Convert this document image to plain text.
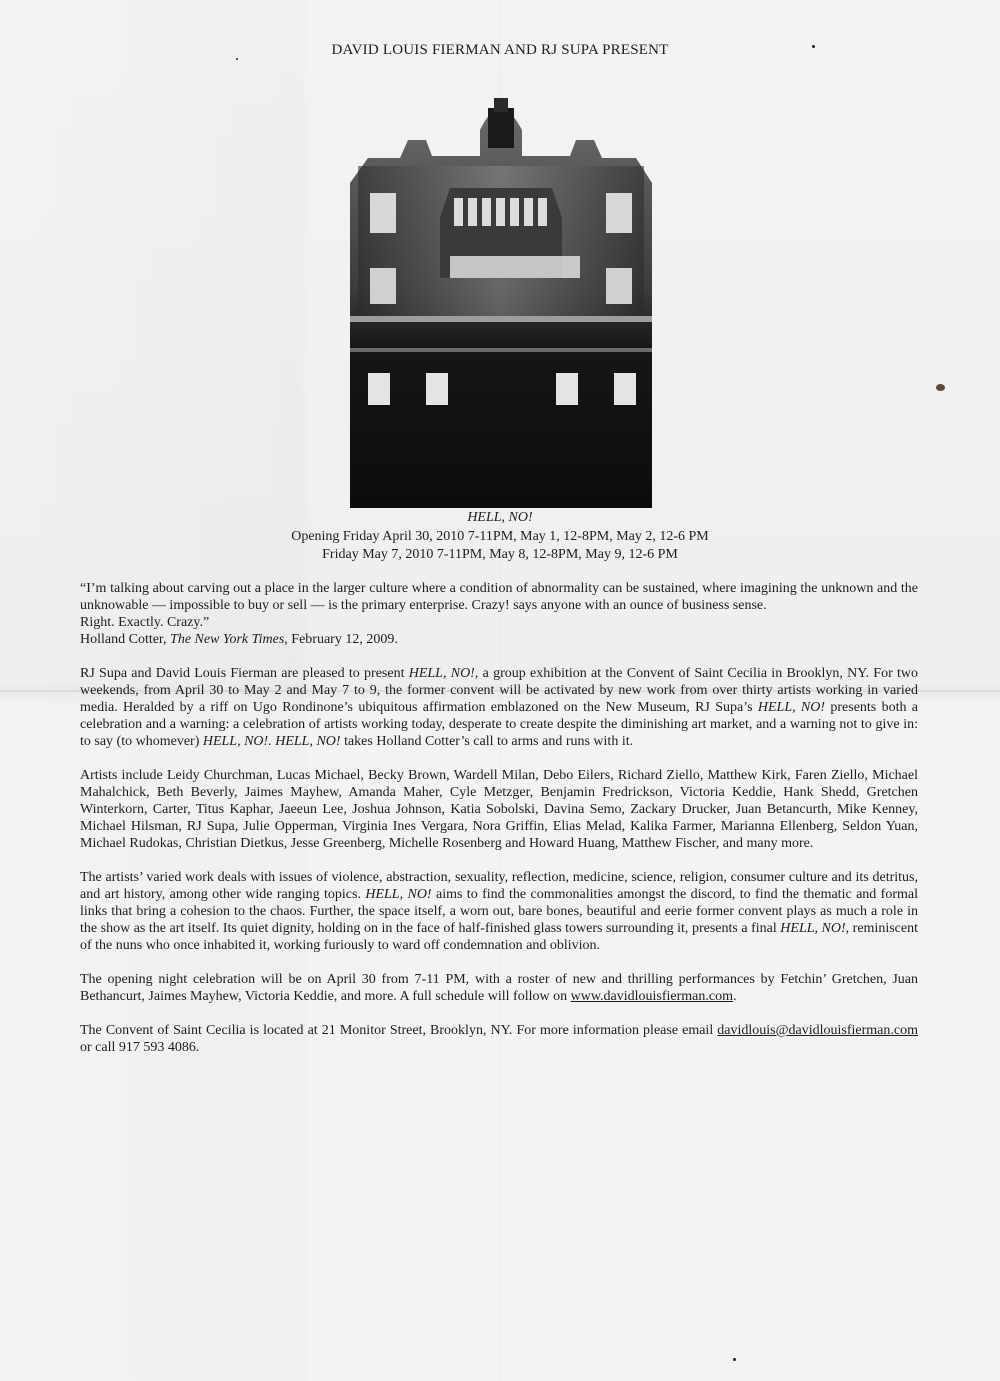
DAVID LOUIS FIERMAN AND RJ SUPA PRESENT
HELL, NO!
Opening Friday April 30, 2010 7-11PM, May 1, 12-8PM, May 2, 12-6 PM
Friday May 7, 2010 7-11PM, May 8, 12-8PM, May 9, 12-6 PM

“I’m talking about carving out a place in the larger culture where a condition of abnormality can be sustained, where imagining the unknown and the unknowable — impossible to buy or sell — is the primary enterprise. Crazy! says anyone with an ounce of business sense.

Right. Exactly. Crazy.”

Holland Cotter, The New York Times, February 12, 2009.

RJ Supa and David Louis Fierman are pleased to present HELL, NO!, a group exhibition at the Convent of Saint Cecilia in Brooklyn, NY. For two weekends, from April 30 to May 2 and May 7 to 9, the former convent will be activated by new work from over thirty artists working in varied media. Heralded by a riff on Ugo Rondinone’s ubiquitous affirmation emblazoned on the New Museum, RJ Supa’s HELL, NO! presents both a celebration and a warning: a celebration of artists working today, desperate to create despite the diminishing art market, and a warning not to give in: to say (to whomever) HELL, NO!. HELL, NO! takes Holland Cotter’s call to arms and runs with it.

Artists include Leidy Churchman, Lucas Michael, Becky Brown, Wardell Milan, Debo Eilers, Richard Ziello, Matthew Kirk, Faren Ziello, Michael Mahalchick, Beth Beverly, Jaimes Mayhew, Amanda Maher, Cyle Metzger, Benjamin Fredrickson, Victoria Keddie, Hank Shedd, Gretchen Winterkorn, Carter, Titus Kaphar, Jaeeun Lee, Joshua Johnson, Katia Sobolski, Davina Semo, Zackary Drucker, Juan Betancurth, Mike Kenney, Michael Hilsman, RJ Supa, Julie Opperman, Virginia Ines Vergara, Nora Griffin, Elias Melad, Kalika Farmer, Marianna Ellenberg, Seldon Yuan, Michael Rudokas, Christian Dietkus, Jesse Greenberg, Michelle Rosenberg and Howard Huang, Matthew Fischer, and many more.

The artists’ varied work deals with issues of violence, abstraction, sexuality, reflection, medicine, science, religion, consumer culture and its detritus, and art history, among other wide ranging topics. HELL, NO! aims to find the commonalities amongst the discord, to find the thematic and formal links that bring a cohesion to the chaos. Further, the space itself, a worn out, bare bones, beautiful and eerie former convent plays as much a role in the show as the art itself. Its quiet dignity, holding on in the face of half-finished glass towers surrounding it, presents a final HELL, NO!, reminiscent of the nuns who once inhabited it, working furiously to ward off condemnation and oblivion.

The opening night celebration will be on April 30 from 7-11 PM, with a roster of new and thrilling performances by Fetchin’ Gretchen, Juan Bethancurt, Jaimes Mayhew, Victoria Keddie, and more. A full schedule will follow on www.davidlouisfierman.com.

The Convent of Saint Cecilia is located at 21 Monitor Street, Brooklyn, NY. For more information please email davidlouis@davidlouisfierman.com or call 917 593 4086.
